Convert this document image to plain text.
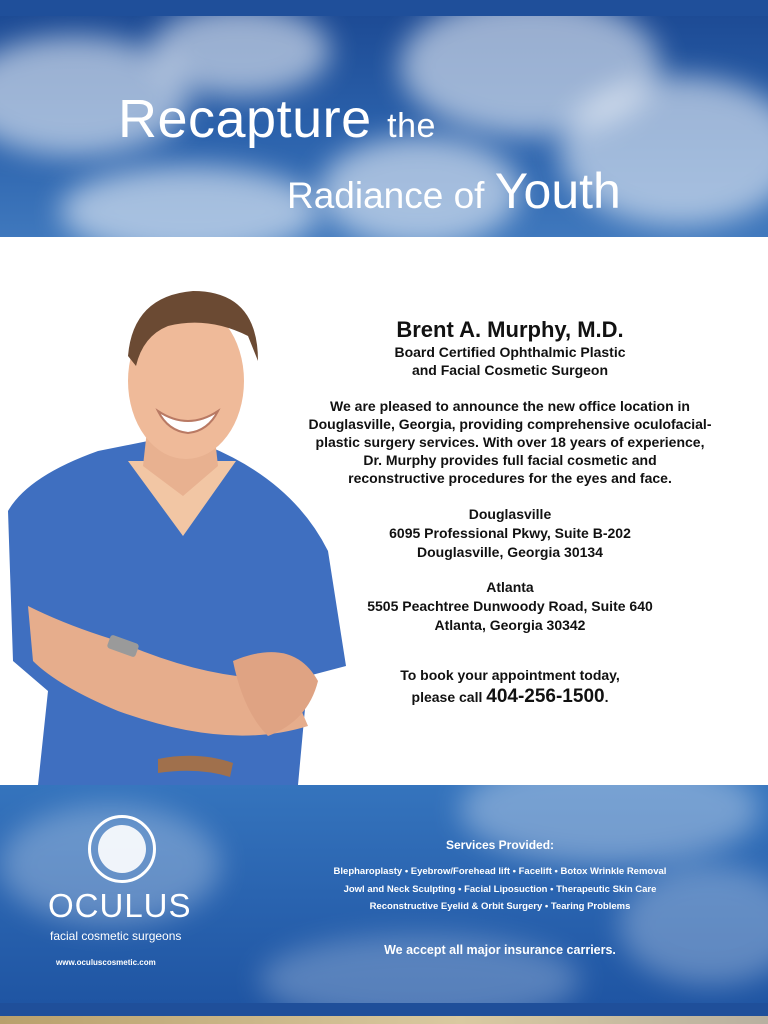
Recapture the
Radiance of Youth
Brent A. Murphy, M.D.
Board Certified Ophthalmic Plastic
and Facial Cosmetic Surgeon
We are pleased to announce the new office location in
Douglasville, Georgia, providing comprehensive oculofacial-
plastic surgery services. With over 18 years of experience,
Dr. Murphy provides full facial cosmetic and
reconstructive procedures for the eyes and face.
Douglasville
6095 Professional Pkwy, Suite B-202
Douglasville, Georgia 30134
Atlanta
5505 Peachtree Dunwoody Road, Suite 640
Atlanta, Georgia 30342
To book your appointment today,
please call 404-256-1500.
OCULUS
facial cosmetic surgeons
www.oculuscosmetic.com
Services Provided:
Blepharoplasty • Eyebrow/Forehead lift • Facelift • Botox Wrinkle Removal
Jowl and Neck Sculpting • Facial Liposuction • Therapeutic Skin Care
Reconstructive Eyelid & Orbit Surgery • Tearing Problems
We accept all major insurance carriers.
